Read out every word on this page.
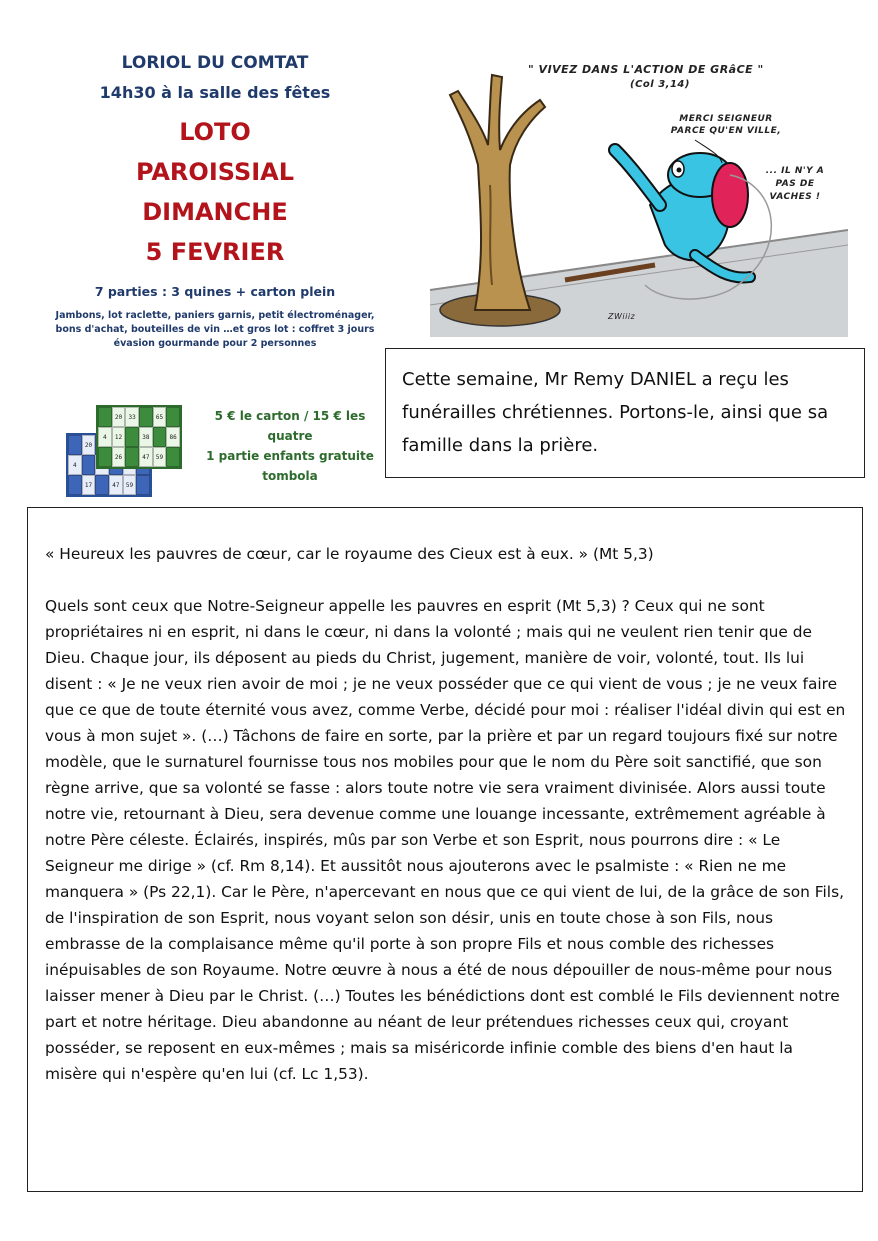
LORIOL DU COMTAT
14h30 à la salle des fêtes
LOTO
PAROISSIAL
DIMANCHE
5 FEVRIER
7 parties : 3 quines + carton plein
Jambons, lot raclette, paniers garnis, petit électroménager, bons d'achat, bouteilles de vin …et gros lot : coffret 3 jours évasion gourmande pour 2 personnes
20
4
17	47	59
20	33	65
4	12	38	86
26	47	59
5 € le carton / 15 € les quatre
1 partie enfants gratuite
tombola
" VIVEZ DANS L'ACTION DE GRâCE "
(Col 3,14)
MERCI SEIGNEUR PARCE QU'EN VILLE,
... IL N'Y A PAS DE VACHES !
ZWiiiz
Cette semaine, Mr Remy DANIEL a reçu les funérailles chrétiennes. Portons-le, ainsi que sa famille dans la prière.
« Heureux les pauvres de cœur, car le royaume des Cieux est à eux. » (Mt 5,3)
Quels sont ceux que Notre-Seigneur appelle les pauvres en esprit (Mt 5,3) ? Ceux qui ne sont propriétaires ni en esprit, ni dans le cœur, ni dans la volonté ; mais qui ne veulent rien tenir que de Dieu. Chaque jour, ils déposent au pieds du Christ, jugement, manière de voir, volonté, tout. Ils lui disent : « Je ne veux rien avoir de moi ; je ne veux posséder que ce qui vient de vous ; je ne veux faire que ce que de toute éternité vous avez, comme Verbe, décidé pour moi : réaliser l'idéal divin qui est en vous à mon sujet ». (…) Tâchons de faire en sorte, par la prière et par un regard toujours fixé sur notre modèle, que le surnaturel fournisse tous nos mobiles pour que le nom du Père soit sanctifié, que son règne arrive, que sa volonté se fasse : alors toute notre vie sera vraiment divinisée. Alors aussi toute notre vie, retournant à Dieu, sera devenue comme une louange incessante, extrêmement agréable à notre Père céleste. Éclairés, inspirés, mûs par son Verbe et son Esprit, nous pourrons dire : « Le Seigneur me dirige » (cf. Rm 8,14). Et aussitôt nous ajouterons avec le psalmiste : « Rien ne me manquera » (Ps 22,1). Car le Père, n'apercevant en nous que ce qui vient de lui, de la grâce de son Fils, de l'inspiration de son Esprit, nous voyant selon son désir, unis en toute chose à son Fils, nous embrasse de la complaisance même qu'il porte à son propre Fils et nous comble des richesses inépuisables de son Royaume. Notre œuvre à nous a été de nous dépouiller de nous-même pour nous laisser mener à Dieu par le Christ. (…) Toutes les bénédictions dont est comblé le Fils deviennent notre part et notre héritage. Dieu abandonne au néant de leur prétendues richesses ceux qui, croyant posséder, se reposent en eux-mêmes ; mais sa miséricorde infinie comble des biens d'en haut la misère qui n'espère qu'en lui (cf. Lc 1,53).
